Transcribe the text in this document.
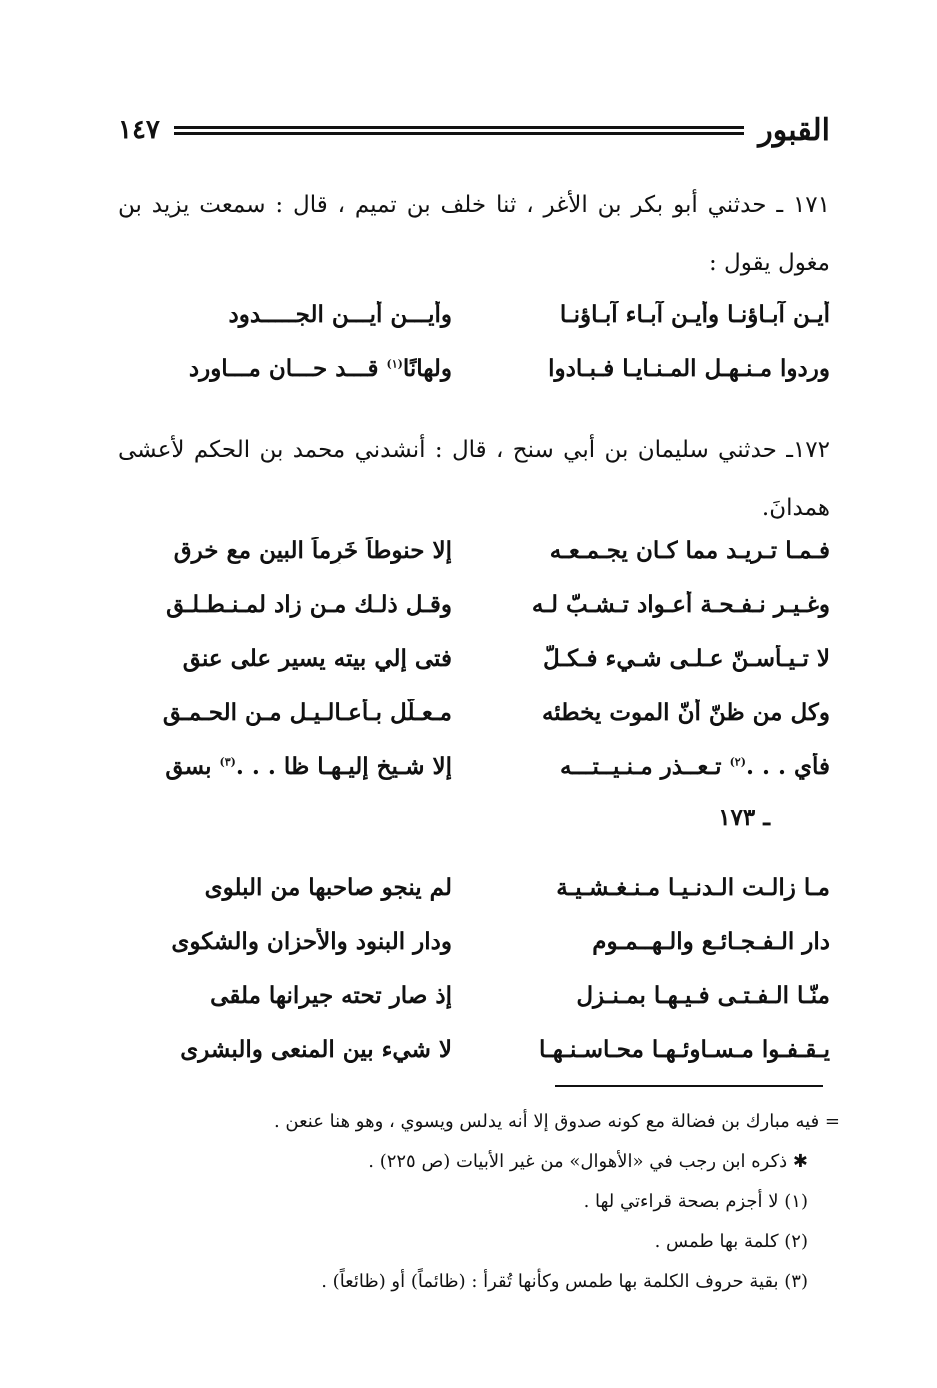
القبور
١٤٧
١٧١ ـ حدثني أبو بكر بن الأغر ، ثنا خلف بن تميم ، قال : سمعت يزيد بن مغول يقول :
أيـن آبـاؤنـا وأيـن آبـاء آبـاؤنـا
وأيـــن أيـــن الجـــــدود
وردوا مـنـهـل المـنـايـا فـبـادوا
ولهانًا$^{(١)}$ قـــد حـــان مـــاورد
١٧٢ـ حدثني سليمان بن أبي سنح ، قال : أنشدني محمد بن الحكم لأعشى همدانَ.
فـمـا تـريـد مما كـان يجـمـعـه
إلا حنوطاً خَرِماً البين مع خرق
وغـيـر نـفـحـة أعـواد تـشـبّ لـه
وقـل ذلـك مـن زاد لمـنـطـلـق
لا تـيـأسـنّ عـلـى شـيء فـكـلّ
فتى إلي بيته يسير على عنق
وكل من ظنّ أنّ الموت يخطئه
مـعـلّل بـأعـالـيـل مـن الحـمـق
فأي . . .$^{(٢)}$ تـعــذر مـنـيــتـــه
إلا شـيخ إليـهـا ظا . . .$^{(٣)}$ بسق
ـ ١٧٣
مـا زالـت الـدنـيـا مـنـغـشـيـة
لم ينجو صاحبها من البلوى
دار الـفـجـائـع والـهــمـوم
ودار البنود والأحزان والشكوى
منّـا الـفـتـى فـيـهـا بمـنـزل
إذ صار تحته جيرانها ملقى
يـقـفـوا مـسـاوئـهـا محـاسـنـهـا
لا شيء بين المنعى والبشرى
= فيه مبارك بن فضالة مع كونه صدوق إلا أنه يدلس ويسوي ، وهو هنا عنعن .
✱ ذكره ابن رجب في «الأهوال» من غير الأبيات (ص ٢٢٥) .
(١) لا أجزم بصحة قراءتي لها .
(٢) كلمة بها طمس .
(٣) بقية حروف الكلمة بها طمس وكأنها تُقرأ : (ظائماً) أو (ظائعاً) .
